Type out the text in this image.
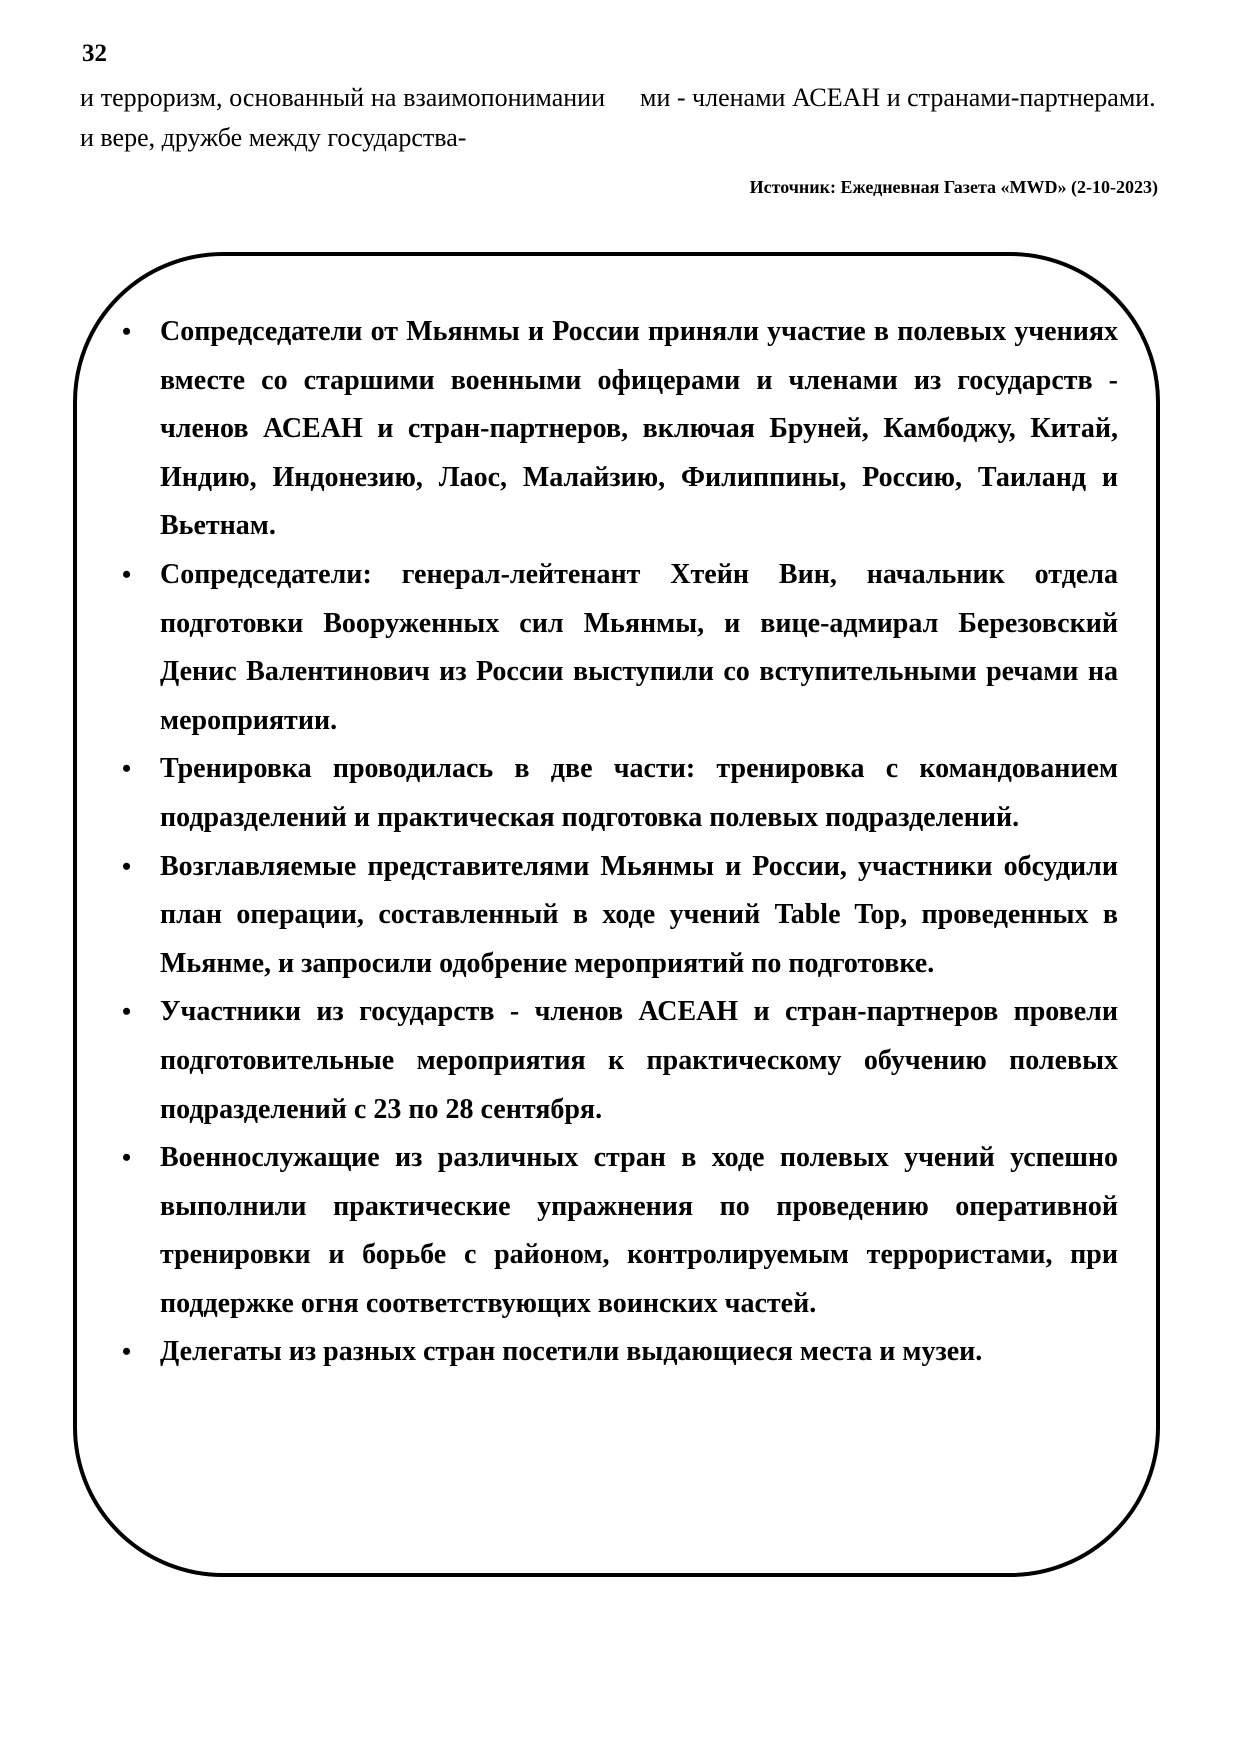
32
и терроризм, основанный на взаимопонимании и вере, дружбе между государства-
ми - членами АСЕАН и странами-партнерами.
Источник: Ежедневная Газета «MWD» (2-10-2023)
• Сопредседатели от Мьянмы и России приняли участие в полевых учениях вместе со старшими военными офицерами и членами из государств - членов АСЕАН и стран-партнеров, включая Бруней, Камбоджу, Китай, Индию, Индонезию, Лаос, Малайзию, Филиппины, Россию, Таиланд и Вьетнам.
• Сопредседатели: генерал-лейтенант Хтейн Вин, начальник отдела подготовки Вооруженных сил Мьянмы, и вице-адмирал Березовский Денис Валентинович из России выступили со вступительными речами на мероприятии.
• Тренировка проводилась в две части: тренировка с командованием подразделений и практическая подготовка полевых подразделений.
• Возглавляемые представителями Мьянмы и России, участники обсудили план операции, составленный в ходе учений Table Top, проведенных в Мьянме, и запросили одобрение мероприятий по подготовке.
• Участники из государств - членов АСЕАН и стран-партнеров провели подготовительные мероприятия к практическому обучению полевых подразделений с 23 по 28 сентября.
• Военнослужащие из различных стран в ходе полевых учений успешно выполнили практические упражнения по проведению оперативной тренировки и борьбе с районом, контролируемым террористами, при поддержке огня соответствующих воинских частей.
• Делегаты из разных стран посетили выдающиеся места и музеи.
